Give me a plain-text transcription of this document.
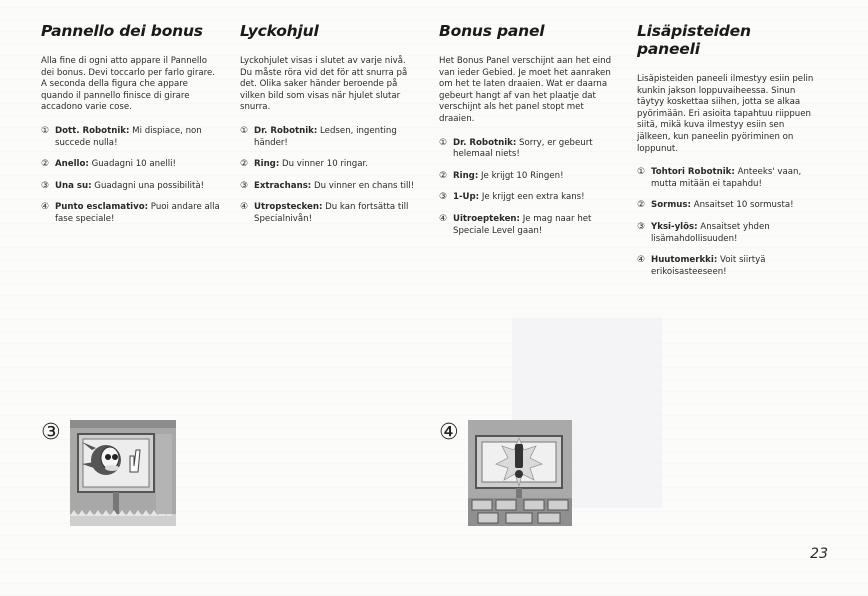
Pannello dei bonus

Alla fine di ogni atto appare il Pannello dei bonus. Devi toccarlo per farlo girare. A seconda della figura che appare quando il pannello finisce di girare accadono varie cose.

① Dott. Robotnik: Mi dispiace, non succede nulla!
② Anello: Guadagni 10 anelli!
③ Una su: Guadagni una possibilità!
④ Punto esclamativo: Puoi andare alla fase speciale!
Lyckohjul

Lyckohjulet visas i slutet av varje nivå. Du måste röra vid det för att snurra på det. Olika saker händer beroende på vilken bild som visas när hjulet slutar snurra.

① Dr. Robotnik: Ledsen, ingenting händer!
② Ring: Du vinner 10 ringar.
③ Extrachans: Du vinner en chans till!
④ Utropstecken: Du kan fortsätta till Specialnivån!
Bonus panel

Het Bonus Panel verschijnt aan het eind van ieder Gebied. Je moet het aanraken om het te laten draaien. Wat er daarna gebeurt hangt af van het plaatje dat verschijnt als het panel stopt met draaien.

① Dr. Robotnik: Sorry, er gebeurt helemaal niets!
② Ring: Je krijgt 10 Ringen!
③ 1-Up: Je krijgt een extra kans!
④ Uitroepteken: Je mag naar het Speciale Level gaan!
Lisäpisteiden paneeli

Lisäpisteiden paneeli ilmestyy esiin pelin kunkin jakson loppuvaiheessa. Sinun täytyy koskettaa siihen, jotta se alkaa pyörimään. Eri asioita tapahtuu riippuen siitä, mikä kuva ilmestyy esiin sen jälkeen, kun paneelin pyöriminen on loppunut.

① Tohtori Robotnik: Anteeks' vaan, mutta mitään ei tapahdu!
② Sormus: Ansaitset 10 sormusta!
③ Yksi-ylös: Ansaitset yhden lisämahdollisuuden!
④ Huutomerkki: Voit siirtyä erikoisasteeseen!
③	④
23
